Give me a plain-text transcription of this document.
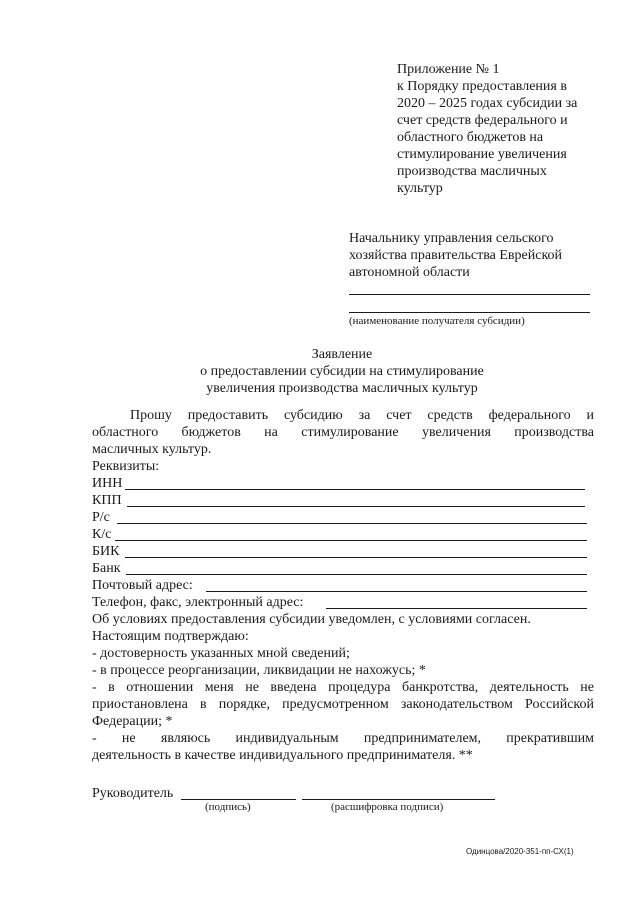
Приложение № 1
к Порядку предоставления в
2020 – 2025 годах субсидии за
счет средств федерального и
областного бюджетов на
стимулирование увеличения
производства масличных
культур
Начальнику управления сельского
хозяйства правительства Еврейской
автономной области
(наименование получателя субсидии)
Заявление
о предоставлении субсидии на стимулирование
увеличения производства масличных культур
Прошу предоставить субсидию за счет средств федерального и
областного бюджетов на стимулирование увеличения производства
масличных культур.
Реквизиты:
ИНН
КПП
Р/с
К/с
БИК
Банк
Почтовый адрес:
Телефон, факс, электронный адрес:
Об условиях предоставления субсидии уведомлен, с условиями согласен.
Настоящим подтверждаю:
- достоверность указанных мной сведений;
- в процессе реорганизации, ликвидации не нахожусь; *
- в отношении меня не введена процедура банкротства, деятельность не
приостановлена в порядке, предусмотренном законодательством Российской
Федерации; *
- не являюсь индивидуальным предпринимателем, прекратившим
деятельность в качестве индивидуального предпринимателя. **
Руководитель
(подпись)	(расшифровка подписи)
Одинцова/2020-351-пп-СХ(1)
